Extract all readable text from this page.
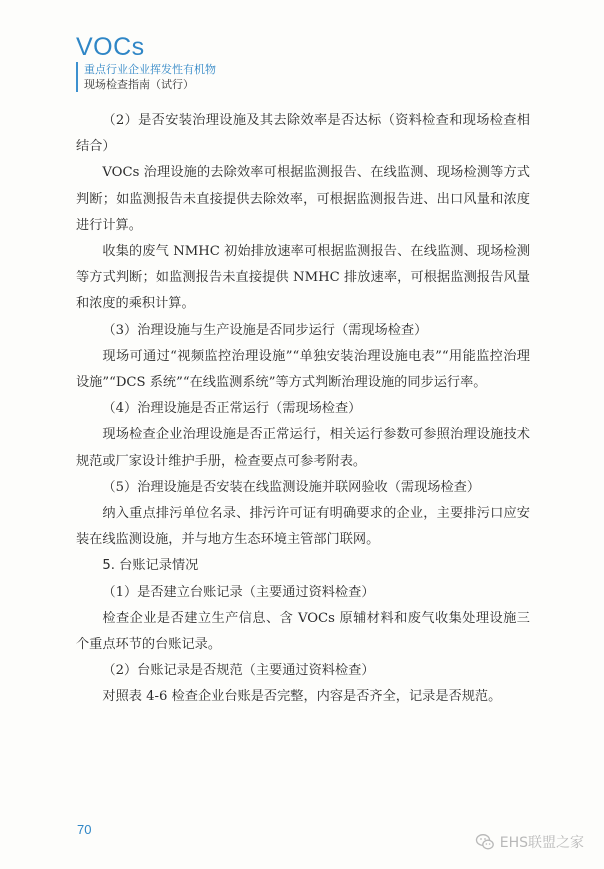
VOCs
重点行业企业挥发性有机物
现场检查指南（试行）

（2）是否安装治理设施及其去除效率是否达标（资料检查和现场检查相结合）

VOCs 治理设施的去除效率可根据监测报告、在线监测、现场检测等方式判断；如监测报告未直接提供去除效率，可根据监测报告进、出口风量和浓度进行计算。

收集的废气 NMHC 初始排放速率可根据监测报告、在线监测、现场检测等方式判断；如监测报告未直接提供 NMHC 排放速率，可根据监测报告风量和浓度的乘积计算。

（3）治理设施与生产设施是否同步运行（需现场检查）

现场可通过“视频监控治理设施”“单独安装治理设施电表”“用能监控治理设施”“DCS 系统”“在线监测系统”等方式判断治理设施的同步运行率。

（4）治理设施是否正常运行（需现场检查）

现场检查企业治理设施是否正常运行，相关运行参数可参照治理设施技术规范或厂家设计维护手册，检查要点可参考附表。

（5）治理设施是否安装在线监测设施并联网验收（需现场检查）

纳入重点排污单位名录、排污许可证有明确要求的企业，主要排污口应安装在线监测设施，并与地方生态环境主管部门联网。

5. 台账记录情况

（1）是否建立台账记录（主要通过资料检查）

检查企业是否建立生产信息、含 VOCs 原辅材料和废气收集处理设施三个重点环节的台账记录。

（2）台账记录是否规范（主要通过资料检查）

对照表 4-6 检查企业台账是否完整，内容是否齐全，记录是否规范。

70
EHS联盟之家
